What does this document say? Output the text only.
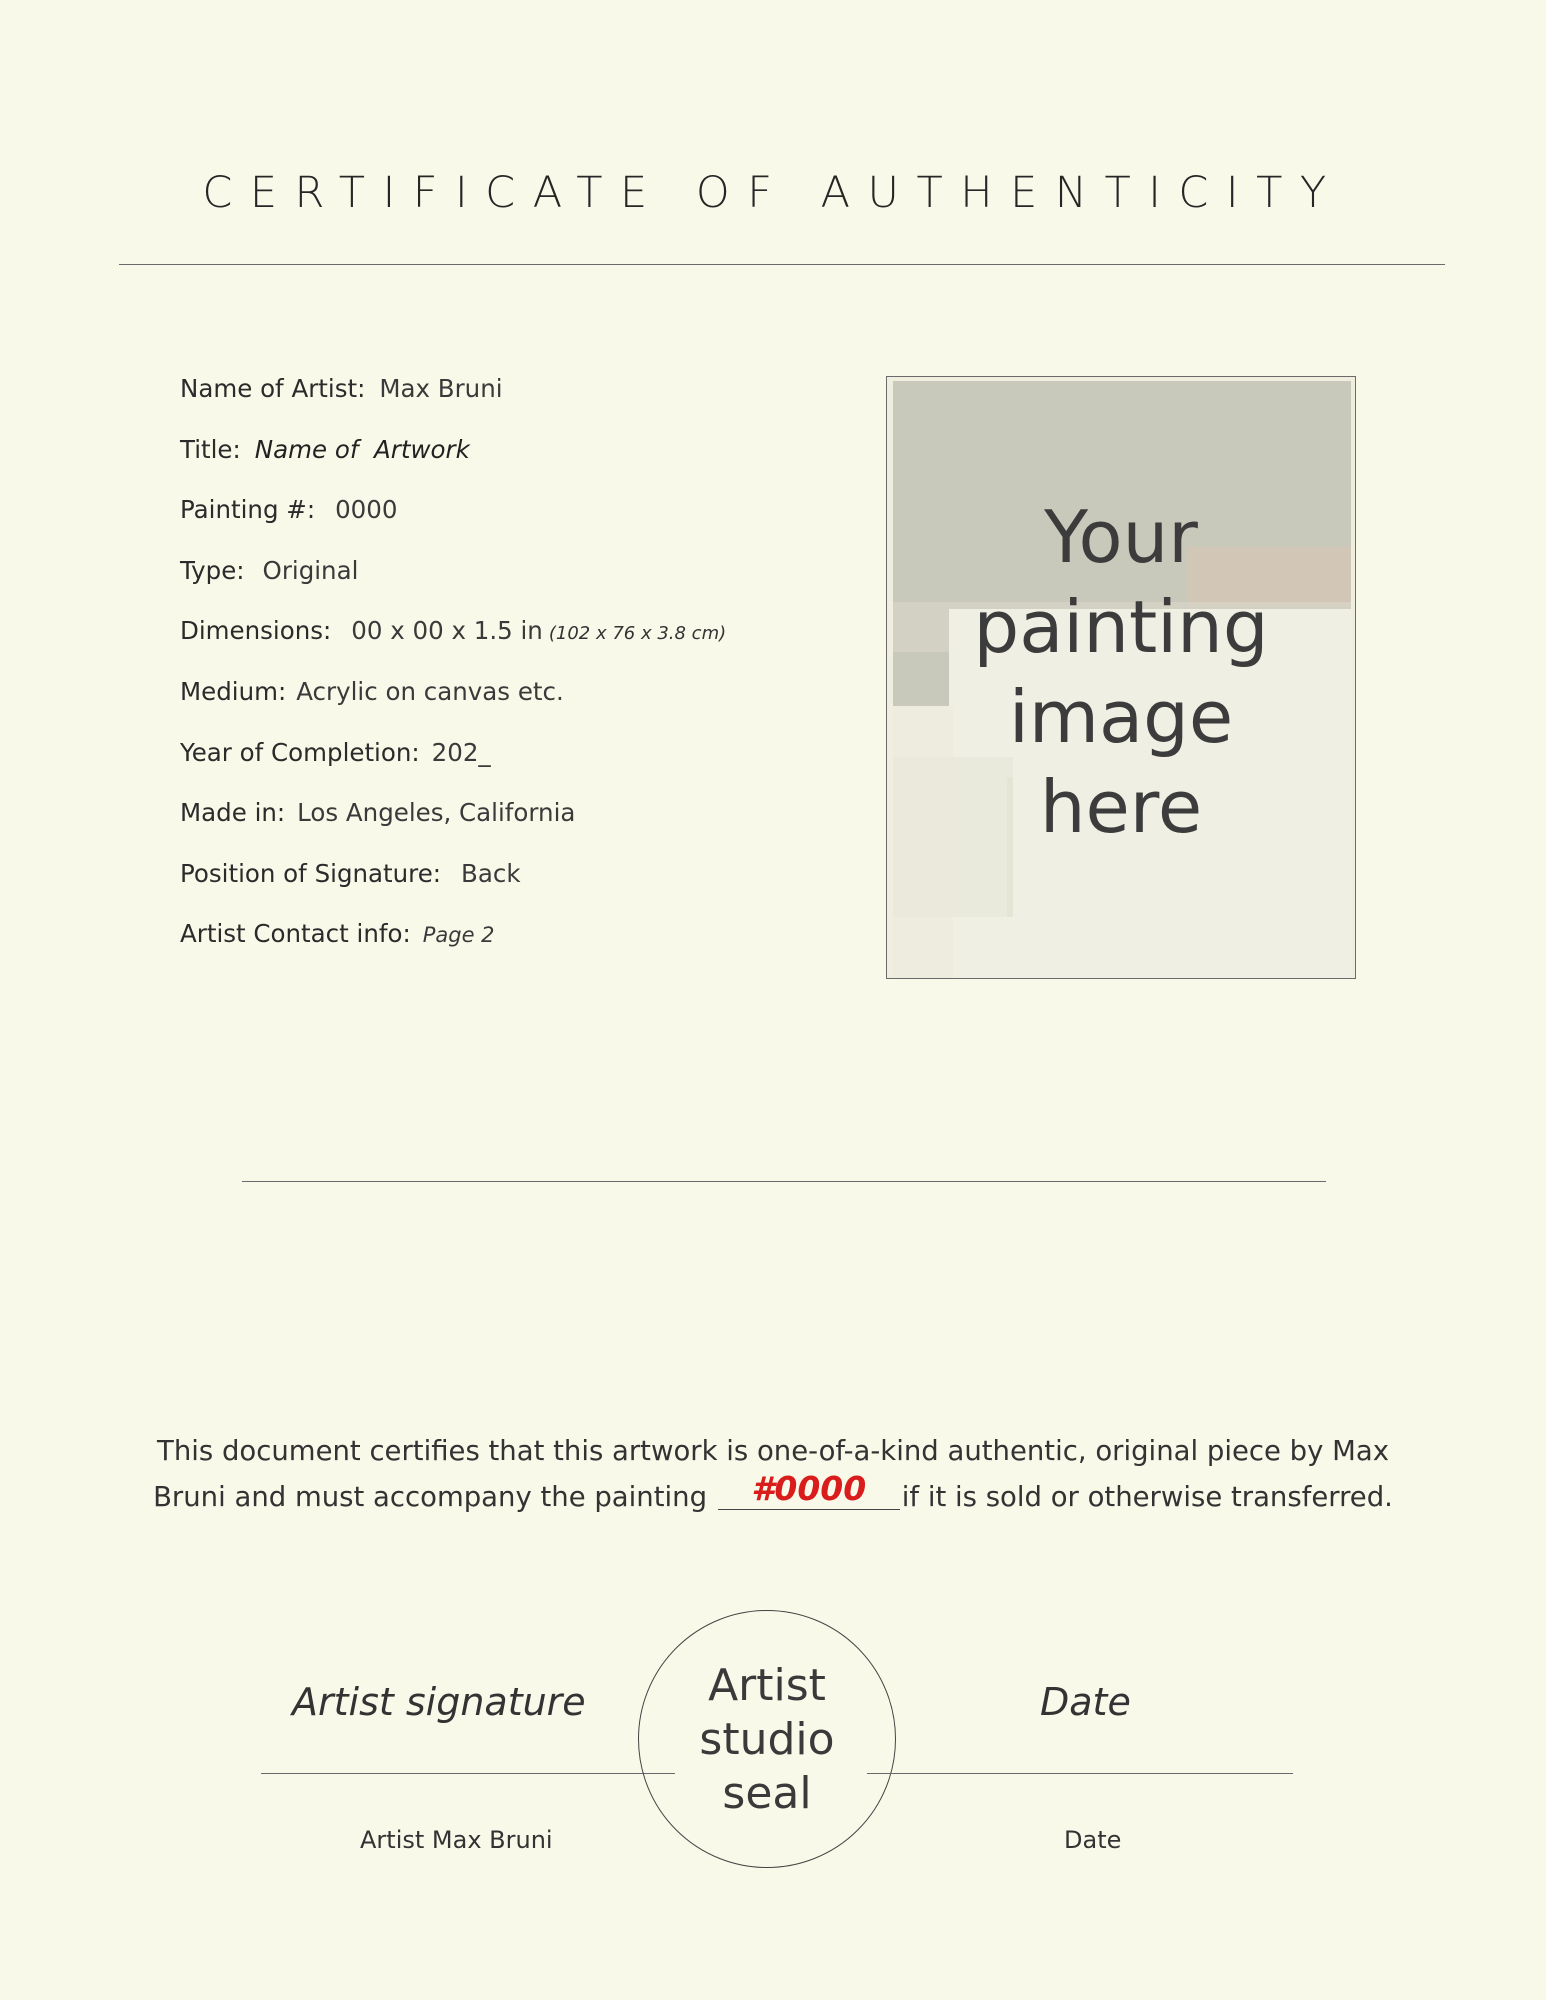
CERTIFICATE OF AUTHENTICITY
Name of Artist: Max Bruni
Title: Name of  Artwork
Painting #: 0000
Type: Original
Dimensions: 00 x 00 x 1.5 in (102 x 76 x 3.8 cm)
Medium: Acrylic on canvas etc.
Year of Completion: 202_
Made in: Los Angeles, California
Position of Signature: Back
Artist Contact info: Page 2
Your
painting
image
here
This document certifies that this artwork is one-of-a-kind authentic, original piece by Max Bruni and must accompany the painting	#0000	if it is sold or otherwise transferred.
Artist signature
Artist Max Bruni
Artist
studio
seal
Date
Date
